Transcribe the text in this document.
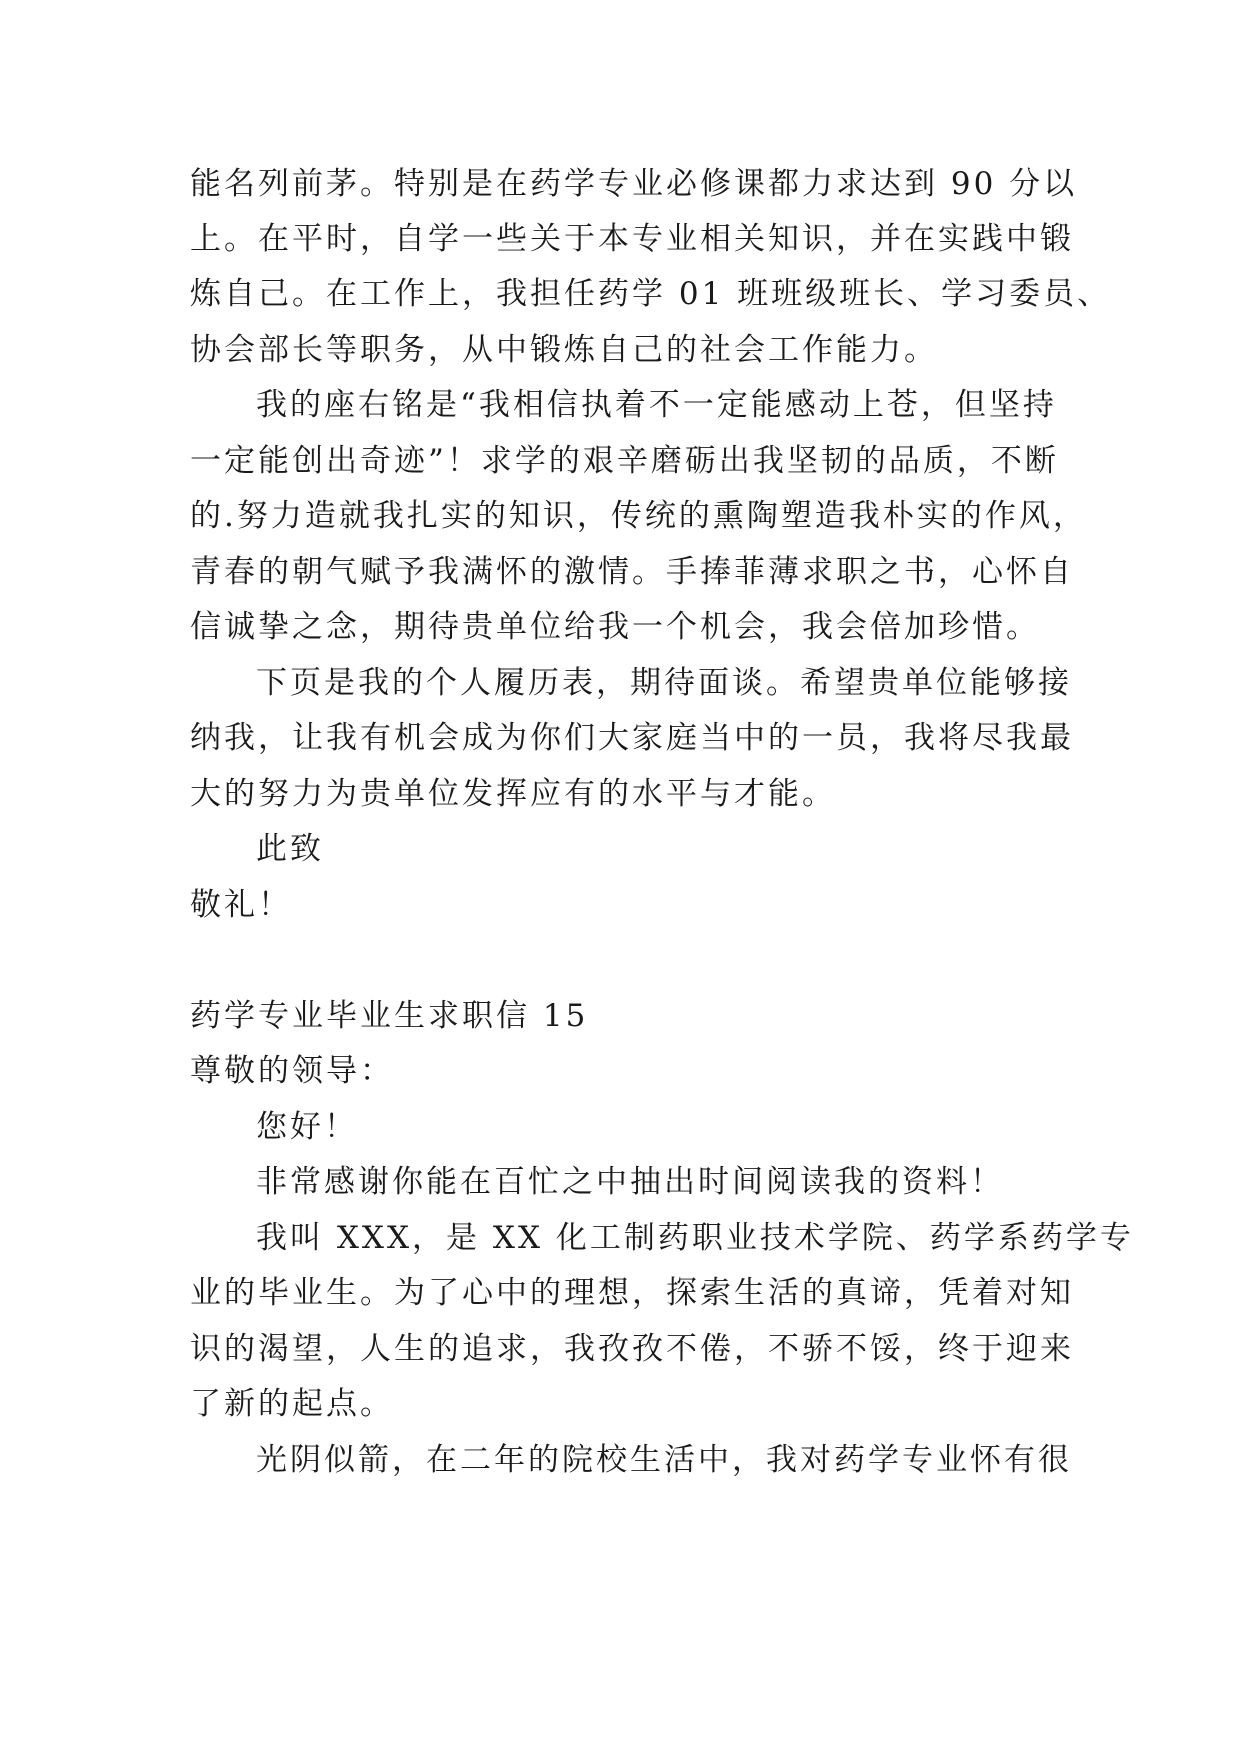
能名列前茅。特别是在药学专业必修课都力求达到 90 分以
上。在平时，自学一些关于本专业相关知识，并在实践中锻
炼自己。在工作上，我担任药学 01 班班级班长、学习委员、
协会部长等职务，从中锻炼自己的社会工作能力。
我的座右铭是“我相信执着不一定能感动上苍，但坚持
一定能创出奇迹”！求学的艰辛磨砺出我坚韧的品质，不断
的.努力造就我扎实的知识，传统的熏陶塑造我朴实的作风，
青春的朝气赋予我满怀的激情。手捧菲薄求职之书，心怀自
信诚挚之念，期待贵单位给我一个机会，我会倍加珍惜。
下页是我的个人履历表，期待面谈。希望贵单位能够接
纳我，让我有机会成为你们大家庭当中的一员，我将尽我最
大的努力为贵单位发挥应有的水平与才能。
此致
敬礼！
药学专业毕业生求职信 15
尊敬的领导：
您好！
非常感谢你能在百忙之中抽出时间阅读我的资料！
我叫 XXX，是 XX 化工制药职业技术学院、药学系药学专
业的毕业生。为了心中的理想，探索生活的真谛，凭着对知
识的渴望，人生的追求，我孜孜不倦，不骄不馁，终于迎来
了新的起点。
光阴似箭，在二年的院校生活中，我对药学专业怀有很
